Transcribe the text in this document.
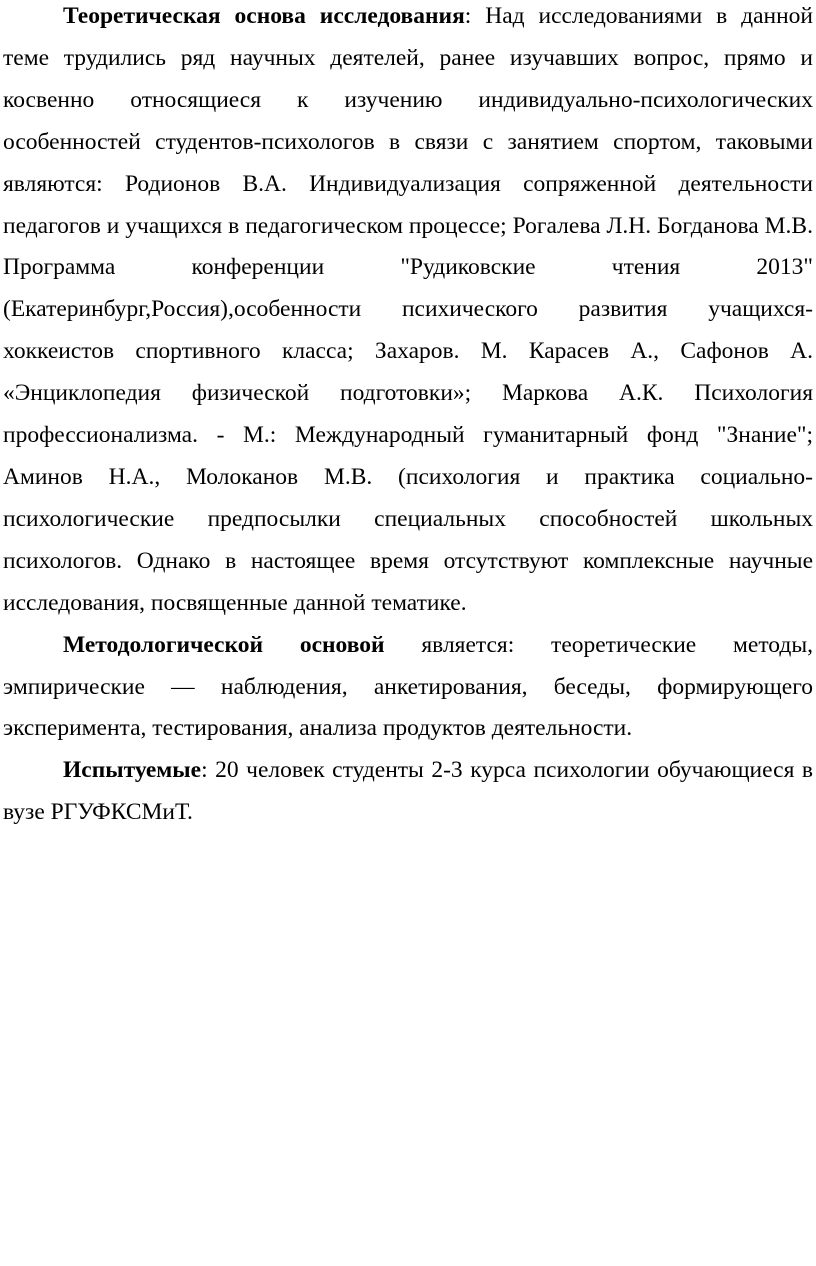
Теоретическая основа исследования: Над исследованиями в данной теме трудились ряд научных деятелей, ранее изучавших вопрос, прямо и косвенно относящиеся к изучению индивидуально-психологических особенностей студентов-психологов в связи с занятием спортом, таковыми являются: Родионов В.А. Индивидуализация сопряженной деятельности педагогов и учащихся в педагогическом процессе; Рогалева Л.Н. Богданова М.В. Программа конференции "Рудиковские чтения 2013"(Екатеринбург,Россия),особенности психического развития учащихся-хоккеистов спортивного класса; Захаров. М. Карасев А., Сафонов А. «Энциклопедия физической подготовки»; Маркова А.К. Психология профессионализма. - М.: Международный гуманитарный фонд "Знание"; Аминов Н.А., Молоканов М.В. (психология и практика социально-психологические предпосылки специальных способностей школьных психологов. Однако в настоящее время отсутствуют комплексные научные исследования, посвященные данной тематике.

Методологической основой является: теоретические методы, эмпирические — наблюдения, анкетирования, беседы, формирующего эксперимента, тестирования, анализа продуктов деятельности.

Испытуемые: 20 человек студенты 2-3 курса психологии обучающиеся в вузе РГУФКСМиТ.
